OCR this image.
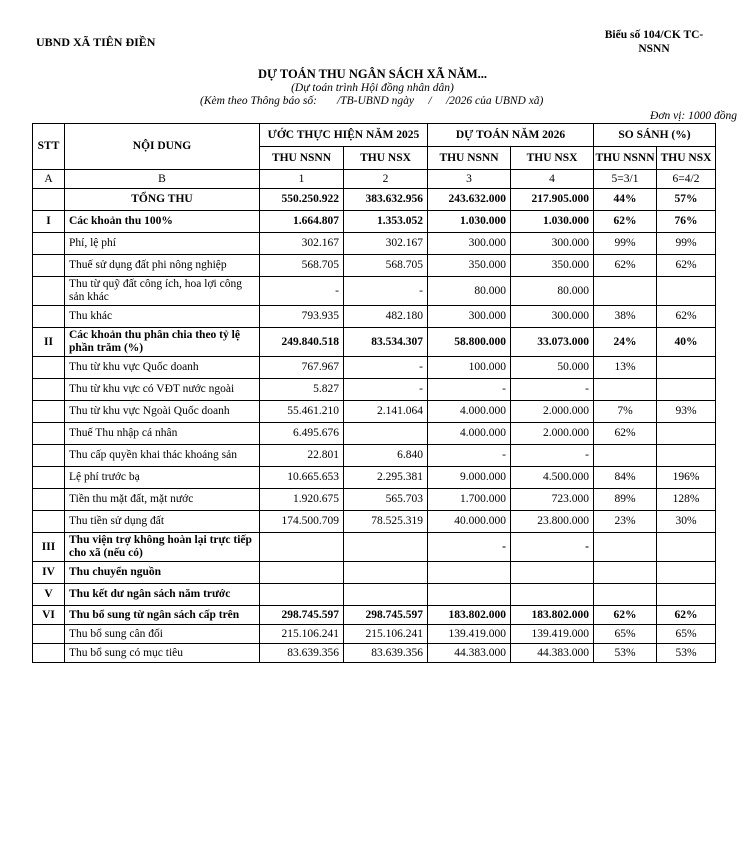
UBND XÃ TIÊN ĐIỀN	Biểu số 104/CK TC-NSNN
DỰ TOÁN THU NGÂN SÁCH XÃ NĂM...
(Dự toán trình Hội đồng nhân dân)
(Kèm theo Thông báo số:       /TB-UBND ngày     /     /2026 của UBND xã)
Đơn vị: 1000 đồng
STT	NỘI DUNG	ƯỚC THỰC HIỆN NĂM 2025		DỰ TOÁN NĂM 2026		SO SÁNH (%)	
		THU NSNN	THU NSX	THU NSNN	THU NSX	THU NSNN	THU NSX
A	B	1	2	3	4	5=3/1	6=4/2
	TỔNG THU	550.250.922	383.632.956	243.632.000	217.905.000	44%	57%
I	Các khoản thu 100%	1.664.807	1.353.052	1.030.000	1.030.000	62%	76%
	Phí, lệ phí	302.167	302.167	300.000	300.000	99%	99%
	Thuế sử dụng đất phi nông nghiệp	568.705	568.705	350.000	350.000	62%	62%
	Thu từ quỹ đất công ích, hoa lợi công sản khác	-	-	80.000	80.000		
	Thu khác	793.935	482.180	300.000	300.000	38%	62%
II	Các khoản thu phân chia theo tỷ lệ phần trăm (%)	249.840.518	83.534.307	58.800.000	33.073.000	24%	40%
	Thu từ khu vực Quốc doanh	767.967	-	100.000	50.000	13%	
	Thu từ khu vực có VĐT nước ngoài	5.827	-	-	-		
	Thu từ khu vực Ngoài Quốc doanh	55.461.210	2.141.064	4.000.000	2.000.000	7%	93%
	Thuế Thu nhập cá nhân	6.495.676		4.000.000	2.000.000	62%	
	Thu cấp quyền khai thác khoáng sản	22.801	6.840	-	-		
	Lệ phí trước bạ	10.665.653	2.295.381	9.000.000	4.500.000	84%	196%
	Tiền thu mặt đất, mặt nước	1.920.675	565.703	1.700.000	723.000	89%	128%
	Thu tiền sử dụng đất	174.500.709	78.525.319	40.000.000	23.800.000	23%	30%
III	Thu viện trợ không hoàn lại trực tiếp cho xã (nếu có)			-	-		
IV	Thu chuyển nguồn						
V	Thu kết dư ngân sách năm trước						
VI	Thu bổ sung từ ngân sách cấp trên	298.745.597	298.745.597	183.802.000	183.802.000	62%	62%
	Thu bổ sung cân đối	215.106.241	215.106.241	139.419.000	139.419.000	65%	65%
	Thu bổ sung có mục tiêu	83.639.356	83.639.356	44.383.000	44.383.000	53%	53%
